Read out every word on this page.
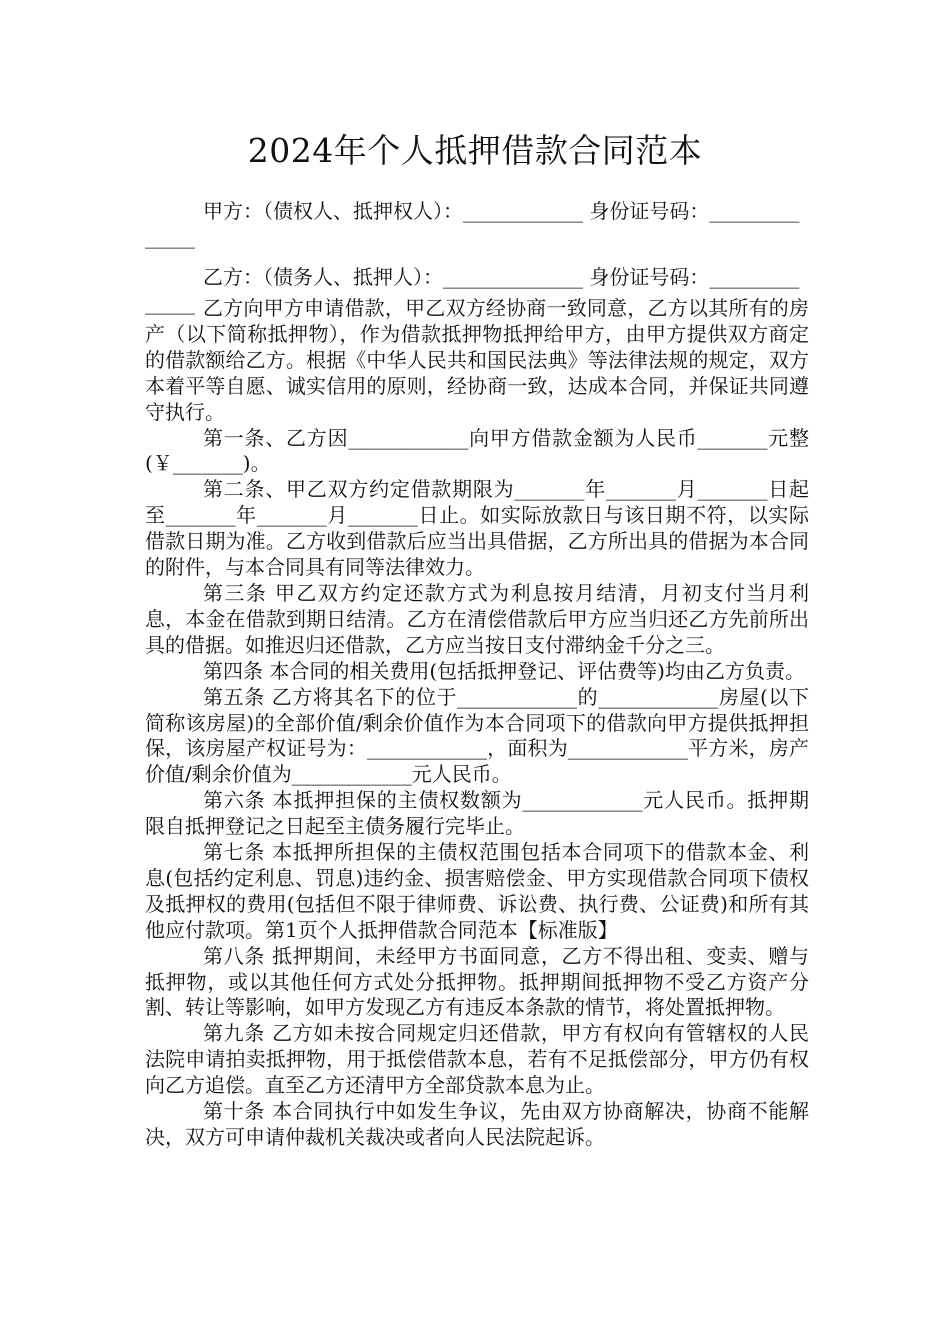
2024年个人抵押借款合同范本

甲方：（债权人、抵押权人）：____________ 身份证号码：______________

乙方：（债务人、抵押人）：______________ 身份证号码：______________ 乙方向甲方申请借款，甲乙双方经协商一致同意，乙方以其所有的房产（以下简称抵押物），作为借款抵押物抵押给甲方，由甲方提供双方商定的借款额给乙方。根据《中华人民共和国民法典》等法律法规的规定，双方本着平等自愿、诚实信用的原则，经协商一致，达成本合同，并保证共同遵守执行。

第一条、乙方因____________向甲方借款金额为人民币_______元整(￥_______)。

第二条、甲乙双方约定借款期限为_______年_______月_______日起至_______年_______月_______日止。如实际放款日与该日期不符，以实际借款日期为准。乙方收到借款后应当出具借据，乙方所出具的借据为本合同的附件，与本合同具有同等法律效力。

第三条 甲乙双方约定还款方式为利息按月结清，月初支付当月利息，本金在借款到期日结清。乙方在清偿借款后甲方应当归还乙方先前所出具的借据。如推迟归还借款，乙方应当按日支付滞纳金千分之三。

第四条 本合同的相关费用(包括抵押登记、评估费等)均由乙方负责。

第五条 乙方将其名下的位于____________的____________房屋(以下简称该房屋)的全部价值/剩余价值作为本合同项下的借款向甲方提供抵押担保，该房屋产权证号为：____________，面积为____________平方米，房产价值/剩余价值为____________元人民币。

第六条 本抵押担保的主债权数额为____________元人民币。抵押期限自抵押登记之日起至主债务履行完毕止。

第七条 本抵押所担保的主债权范围包括本合同项下的借款本金、利息(包括约定利息、罚息)违约金、损害赔偿金、甲方实现借款合同项下债权及抵押权的费用(包括但不限于律师费、诉讼费、执行费、公证费)和所有其他应付款项。第1页个人抵押借款合同范本【标准版】

第八条 抵押期间，未经甲方书面同意，乙方不得出租、变卖、赠与抵押物，或以其他任何方式处分抵押物。抵押期间抵押物不受乙方资产分割、转让等影响，如甲方发现乙方有违反本条款的情节，将处置抵押物。

第九条 乙方如未按合同规定归还借款，甲方有权向有管辖权的人民法院申请拍卖抵押物，用于抵偿借款本息，若有不足抵偿部分，甲方仍有权向乙方追偿。直至乙方还清甲方全部贷款本息为止。

第十条 本合同执行中如发生争议，先由双方协商解决，协商不能解决，双方可申请仲裁机关裁决或者向人民法院起诉。
